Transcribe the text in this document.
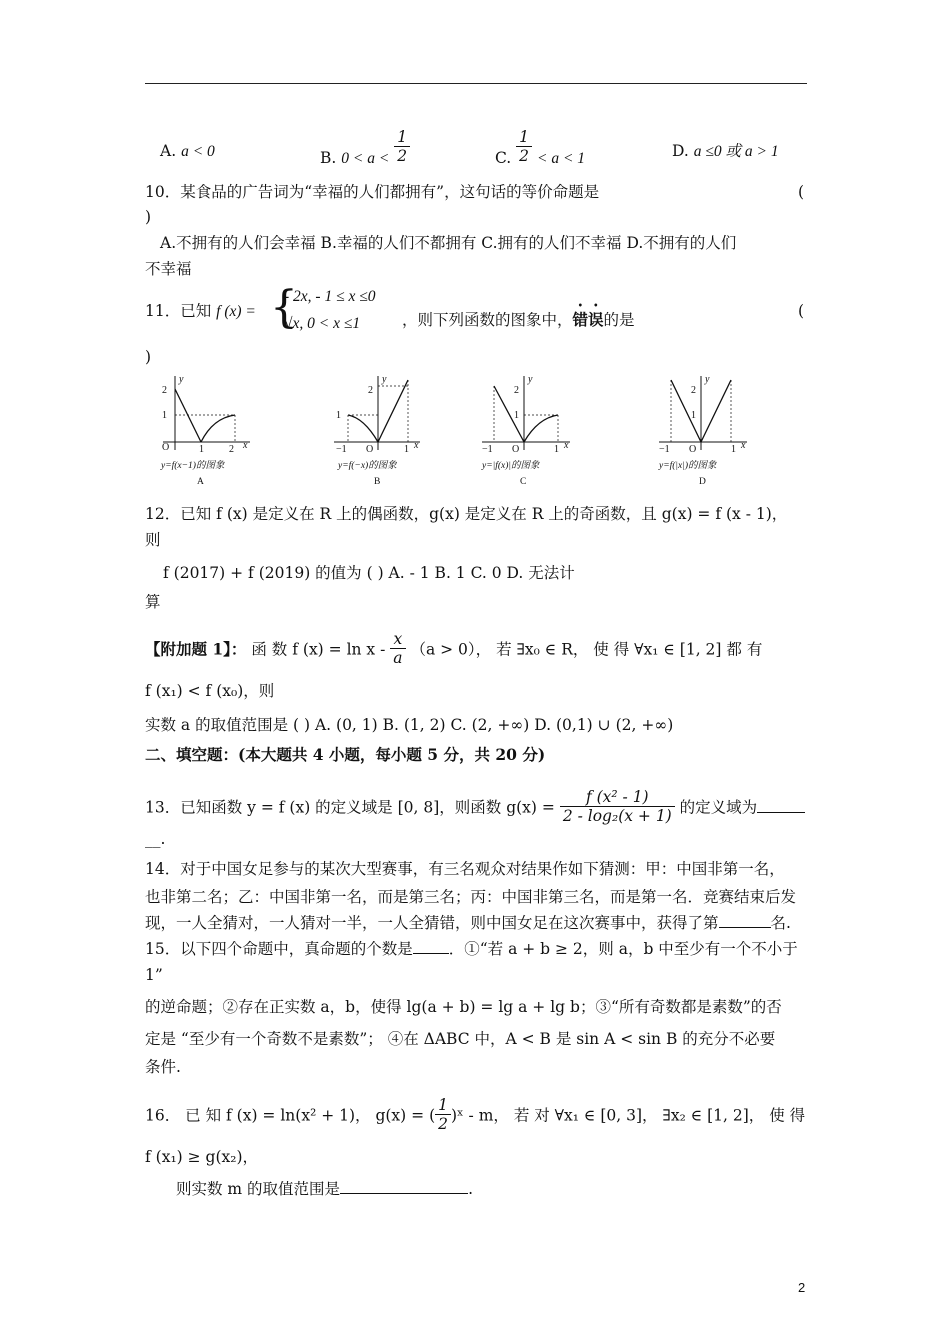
A. a < 0	B. $0 < a < \frac{1}{2}$	C. $\frac{1}{2} < a < 1$	D. a ≤0 或 a > 1
10．某食品的广告词为“幸福的人们都拥有”，这句话的等价命题是	(
)
A.不拥有的人们会幸福 B.幸福的人们不都拥有 C.拥有的人们不幸福 D.不拥有的人们
不幸福
11．已知 f (x) = {
- 2x, - 1 ≤ x ≤0
√x, 0 < x ≤1	，则下列函数的图象中，错误的是	(
)
y
x
2
1
O	1	2
y=f(x−1)的图象
A
y
x
2
1
O
−1	1
y=f(−x)的图象
B
y
x
2
1
O
−1	1
y=|f(x)|的图象
C
y
x
2
1
O
−1	1
y=f(|x|)的图象
D
12．已知 f (x) 是定义在 R 上的偶函数，g(x) 是定义在 R 上的奇函数，且 g(x) = f (x - 1)，
则
f (2017) + f (2019) 的值为 ( ) A. - 1 B. 1 C. 0 D. 无法计
算
【附加题 1】： 函 数 f $(x) = \ln x - \frac{x}{a} (a > 0)$， 若 ∃x₀ ∈ R， 使 得 ∀x₁ ∈ [1, 2] 都 有
f (x₁) < f (x₀)，则
实数 a 的取值范围是 ( ) A. (0, 1) B. (1, 2) C. (2, +∞) D. (0,1) ∪ (2, +∞)
二、填空题：(本大题共 4 小题，每小题 5 分，共 20 分)
13．已知函数 y = f (x) 的定义域是 [0, 8]，则函数 $g(x) = \frac{\text{f (x² - 1)}}{\text{2 - log₂(x + 1)}}$ 的定义域为
__.
14．对于中国女足参与的某次大型赛事，有三名观众对结果作如下猜测：甲：中国非第一名，
也非第二名；乙：中国非第一名，而是第三名；丙：中国非第三名，而是第一名．竞赛结束后发
现，一人全猜对，一人猜对一半，一人全猜错，则中国女足在这次赛事中，获得了第	名.
15．以下四个命题中，真命题的个数是 ．①“若 a + b ≥ 2，则 a，b 中至少有一个不小于
1”
的逆命题；②存在正实数 a，b，使得 lg(a + b) = lg a + lg b；③“所有奇数都是素数”的否
定是 “至少有一个奇数不是素数”； ④在 ΔABC 中，A < B 是 sin A < sin B 的充分不必要
条件.
16． 已 知 f (x) = ln(x² + 1)， g(x) = ( $\frac{1}{2}$ )ˣ - m， 若 对 ∀x₁ ∈ [0, 3]， ∃x₂ ∈ [1, 2]， 使 得
f (x₁) ≥ g(x₂)，
则实数 m 的取值范围是	.
2
